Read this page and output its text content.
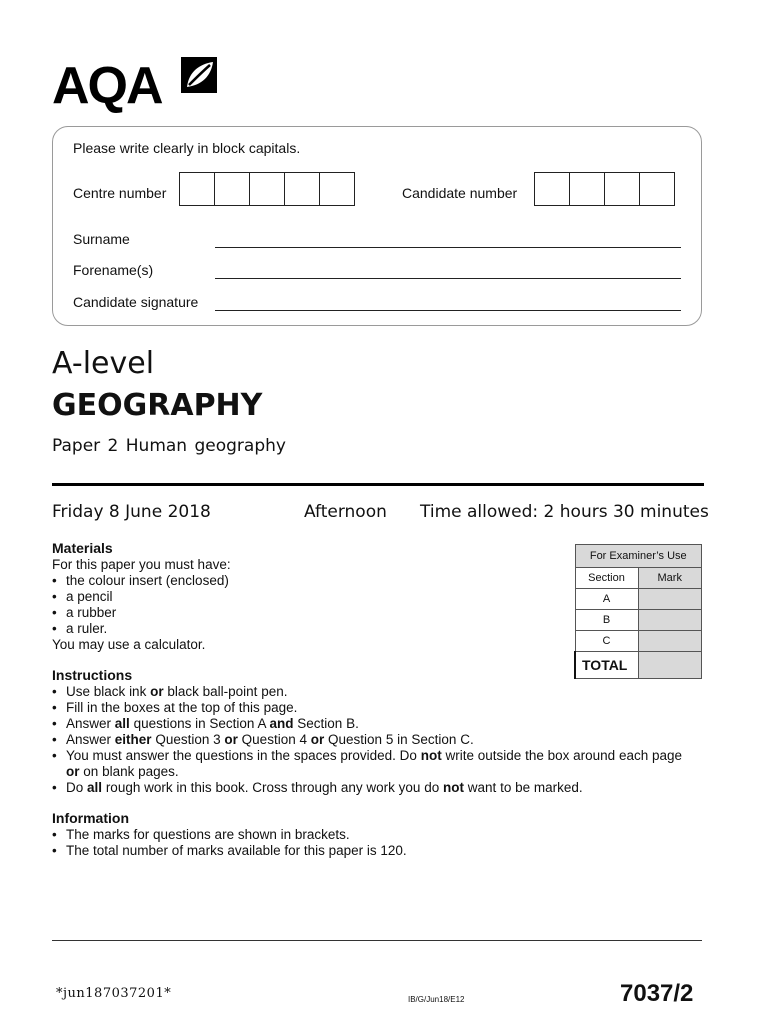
AQA
Please write clearly in block capitals.
Centre number	Candidate number
Surname
Forename(s)
Candidate signature
A-level
GEOGRAPHY
Paper 2 Human geography
Friday 8 June 2018	Afternoon Time allowed: 2 hours 30 minutes
Materials
For this paper you must have:
• the colour insert (enclosed)
• a pencil
• a rubber
• a ruler.
You may use a calculator.
Instructions
• Use black ink or black ball-point pen.
• Fill in the boxes at the top of this page.
• Answer all questions in Section A and Section B.
• Answer either Question 3 or Question 4 or Question 5 in Section C.
• You must answer the questions in the spaces provided. Do not write outside the box around each page or on blank pages.
• Do all rough work in this book. Cross through any work you do not want to be marked.
Information
• The marks for questions are shown in brackets.
• The total number of marks available for this paper is 120.
For Examiner’s Use	
Section	Mark
A	
B	
C	
TOTAL	
*jun187037201*	IB/G/Jun18/E12	7037/2
